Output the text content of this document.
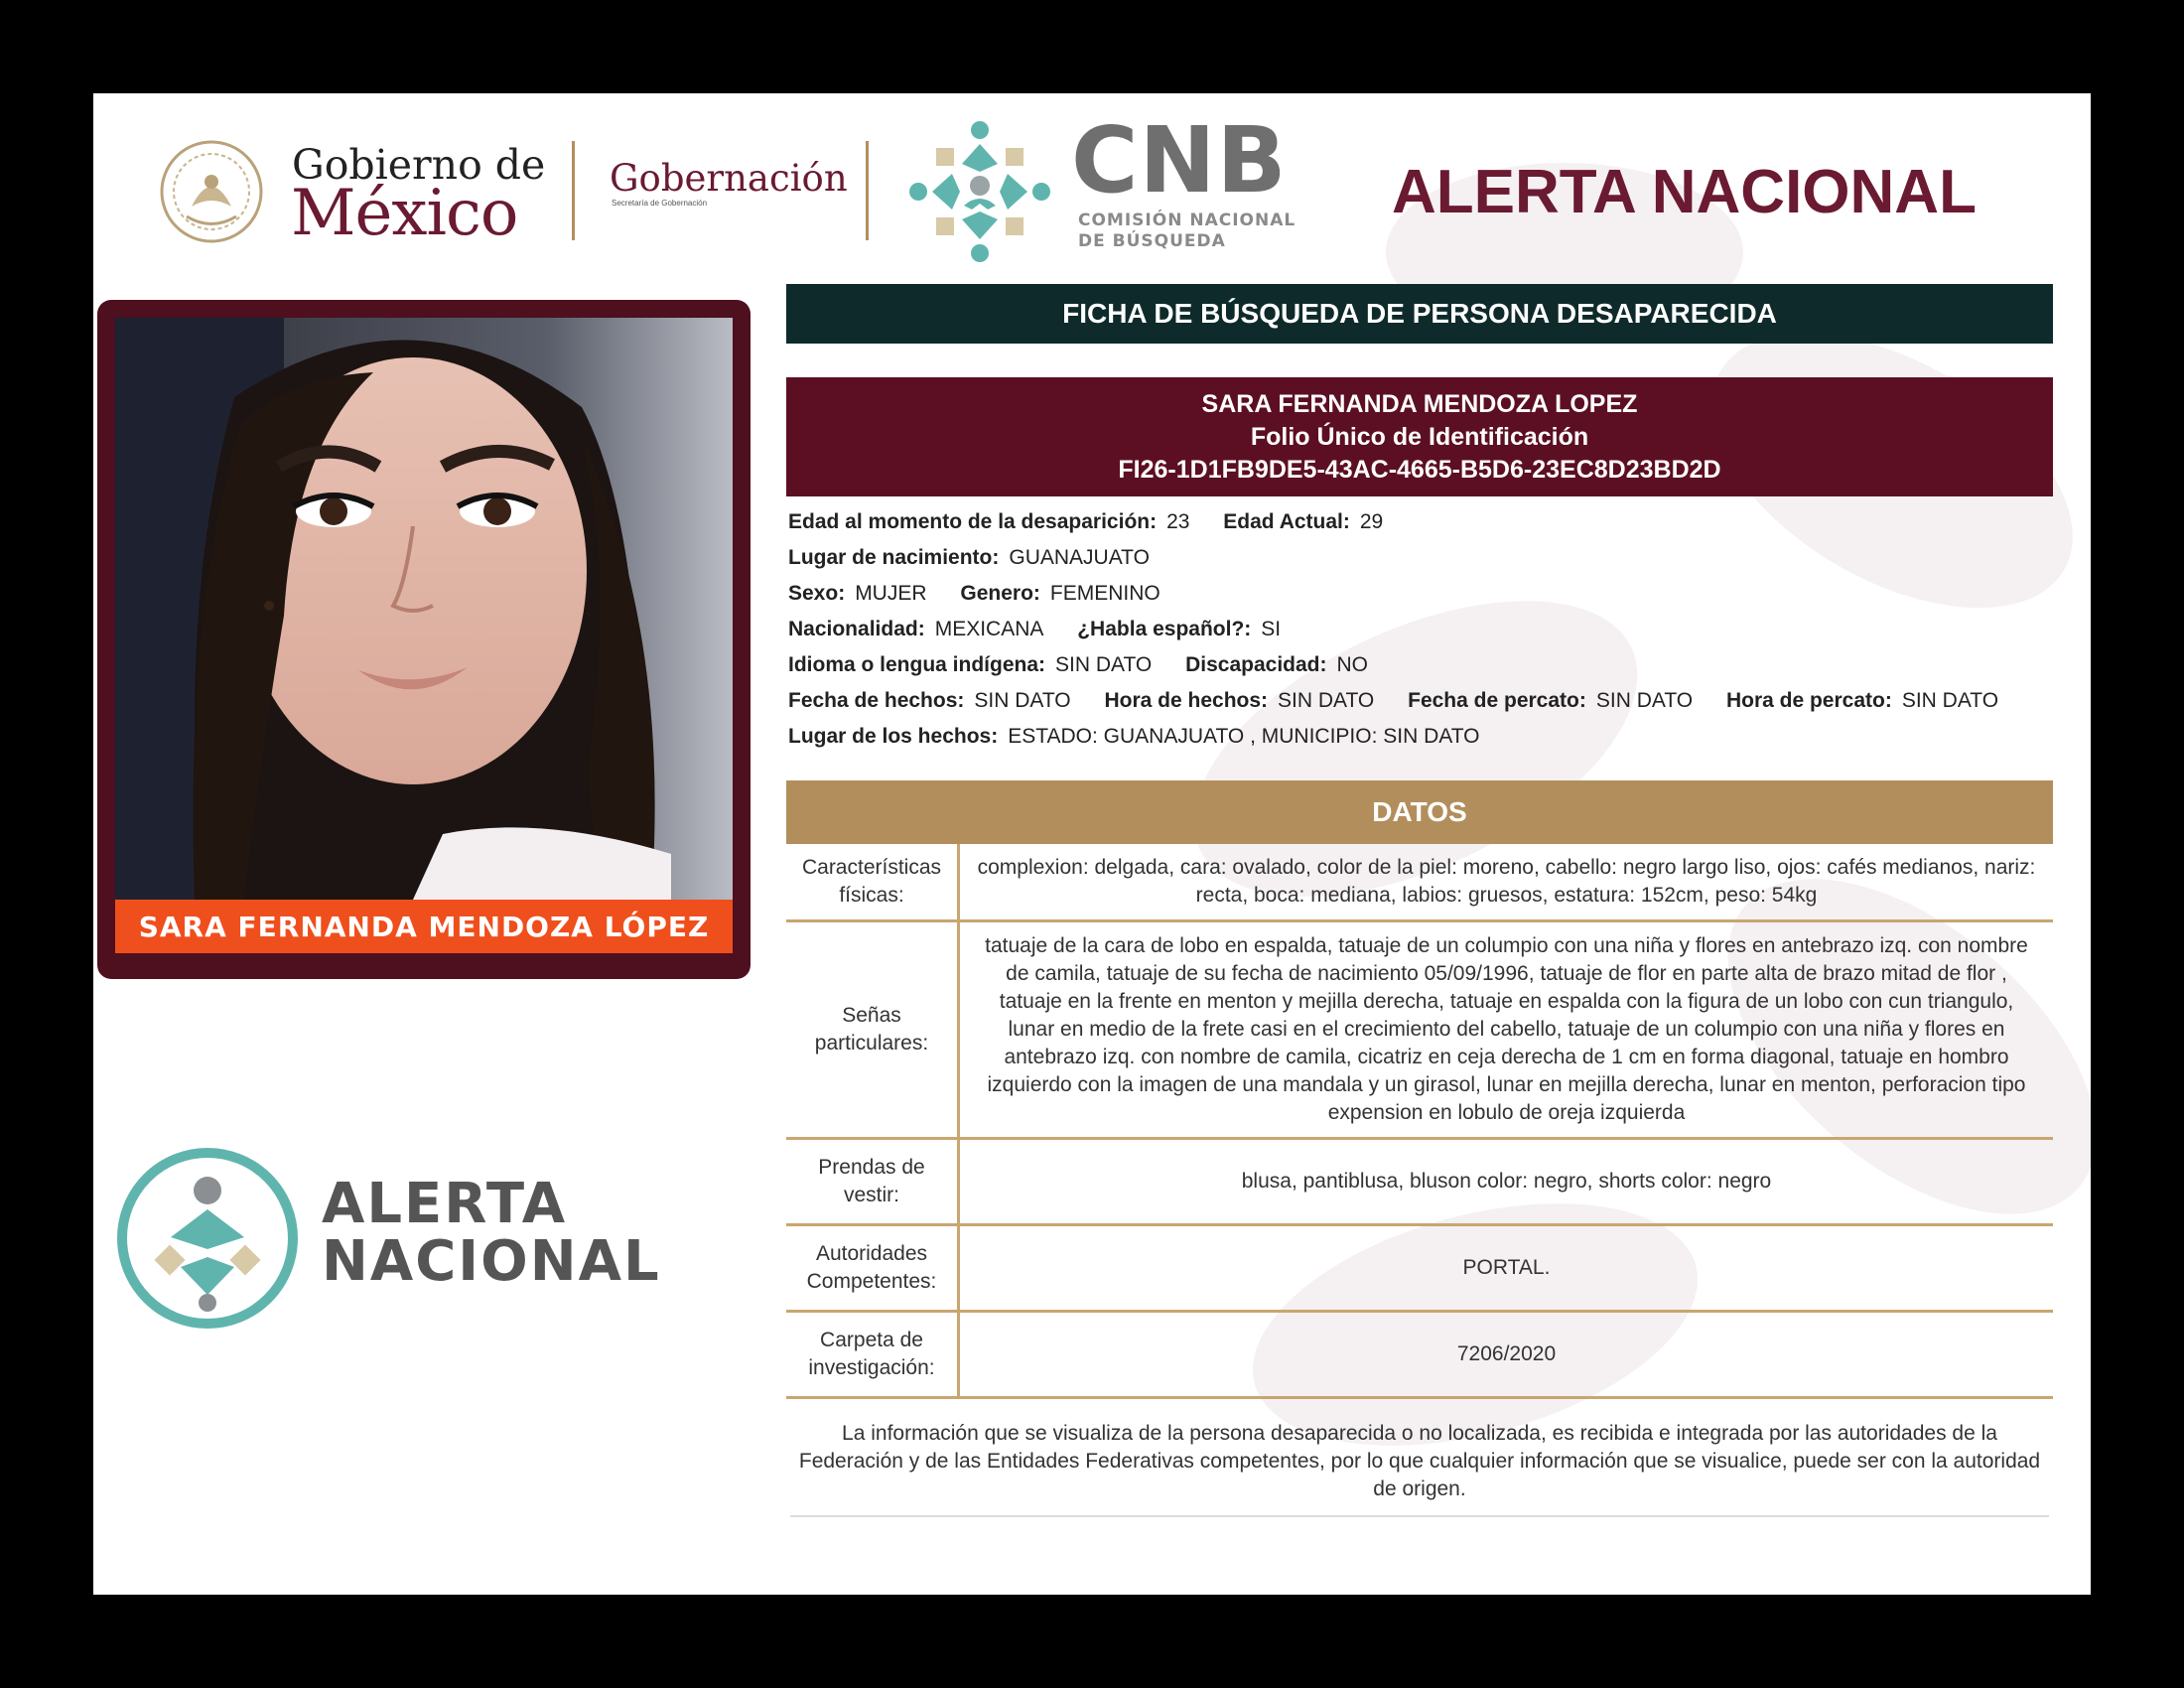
Gobierno de
México	Gobernación
Secretaría de Gobernación	CNB
COMISIÓN NACIONAL
DE BÚSQUEDA
ALERTA NACIONAL
SARA FERNANDA MENDOZA LÓPEZ
ALERTA
NACIONAL
FICHA DE BÚSQUEDA DE PERSONA DESAPARECIDA
SARA FERNANDA MENDOZA LOPEZ
Folio Único de Identificación
FI26-1D1FB9DE5-43AC-4665-B5D6-23EC8D23BD2D
Edad al momento de la desaparición: 23 Edad Actual: 29
Lugar de nacimiento: GUANAJUATO
Sexo: MUJER Genero: FEMENINO
Nacionalidad: MEXICANA ¿Habla español?: SI
Idioma o lengua indígena: SIN DATO Discapacidad: NO
Fecha de hechos: SIN DATO Hora de hechos: SIN DATO Fecha de percato: SIN DATO Hora de percato: SIN DATO
Lugar de los hechos: ESTADO: GUANAJUATO , MUNICIPIO: SIN DATO
DATOS
Características físicas:	complexion: delgada, cara: ovalado, color de la piel: moreno, cabello: negro largo liso, ojos: cafés medianos, nariz: recta, boca: mediana, labios: gruesos, estatura: 152cm, peso: 54kg
Señas particulares:	tatuaje de la cara de lobo en espalda, tatuaje de un columpio con una niña y flores en antebrazo izq. con nombre de camila, tatuaje de su fecha de nacimiento 05/09/1996, tatuaje de flor en parte alta de brazo mitad de flor , tatuaje en la frente en menton y mejilla derecha, tatuaje en espalda con la figura de un lobo con cun triangulo, lunar en medio de la frete casi en el crecimiento del cabello, tatuaje de un columpio con una niña y flores en antebrazo izq. con nombre de camila, cicatriz en ceja derecha de 1 cm en forma diagonal, tatuaje en hombro izquierdo con la imagen de una mandala y un girasol, lunar en mejilla derecha, lunar en menton, perforacion tipo expension en lobulo de oreja izquierda
Prendas de vestir:	blusa, pantiblusa, bluson color: negro, shorts color: negro
Autoridades Competentes:	PORTAL.
Carpeta de investigación:	7206/2020
La información que se visualiza de la persona desaparecida o no localizada, es recibida e integrada por las autoridades de la Federación y de las Entidades Federativas competentes, por lo que cualquier información que se visualice, puede ser con la autoridad de origen.
